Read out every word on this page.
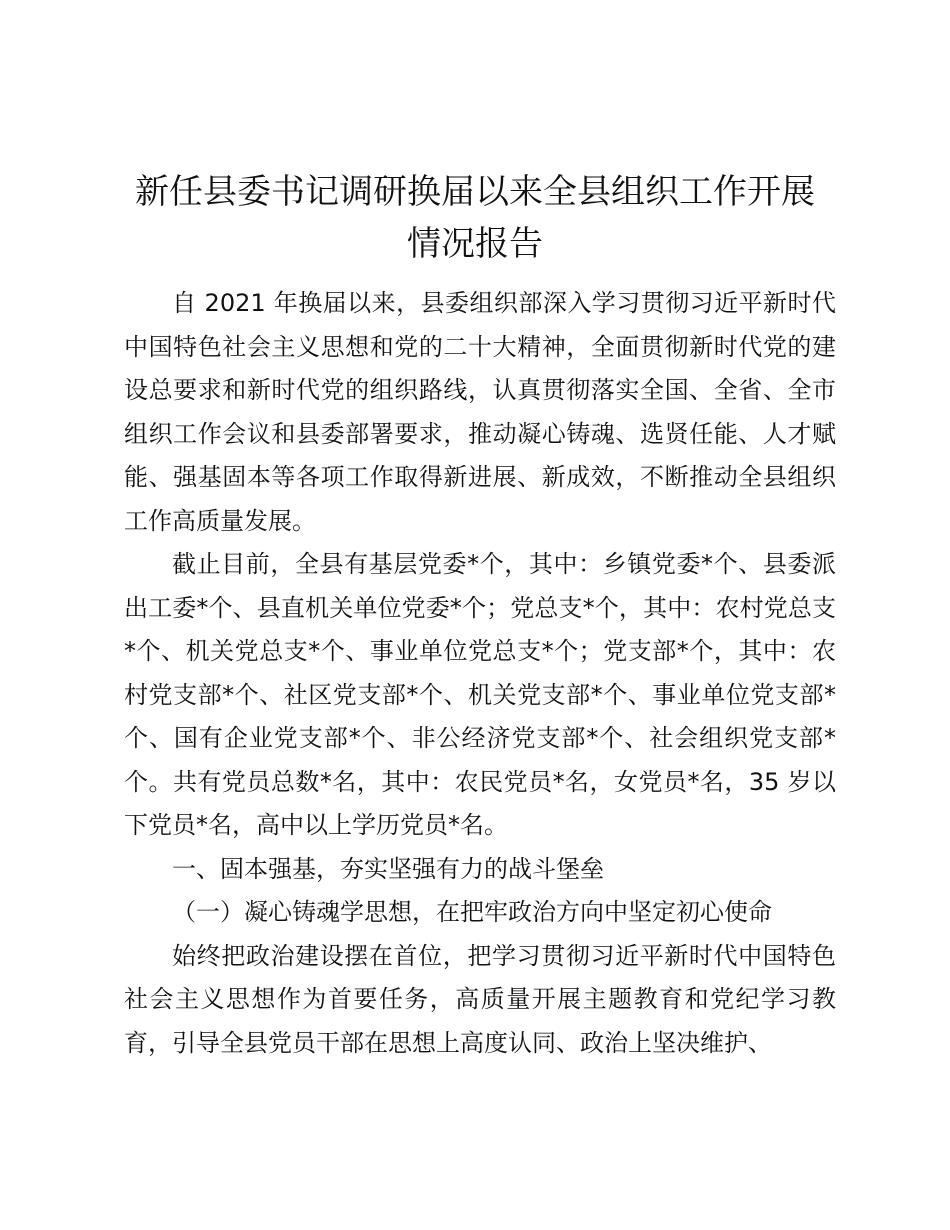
新任县委书记调研换届以来全县组织工作开展
情况报告

自 2021 年换届以来，县委组织部深入学习贯彻习近平新时代中国特色社会主义思想和党的二十大精神，全面贯彻新时代党的建设总要求和新时代党的组织路线，认真贯彻落实全国、全省、全市组织工作会议和县委部署要求，推动凝心铸魂、选贤任能、人才赋能、强基固本等各项工作取得新进展、新成效，不断推动全县组织工作高质量发展。

截止目前，全县有基层党委*个，其中：乡镇党委*个、县委派出工委*个、县直机关单位党委*个；党总支*个，其中：农村党总支*个、机关党总支*个、事业单位党总支*个；党支部*个，其中：农村党支部*个、社区党支部*个、机关党支部*个、事业单位党支部*个、国有企业党支部*个、非公经济党支部*个、社会组织党支部*个。共有党员总数*名，其中：农民党员*名，女党员*名，35 岁以下党员*名，高中以上学历党员*名。

一、固本强基，夯实坚强有力的战斗堡垒

（一）凝心铸魂学思想，在把牢政治方向中坚定初心使命

始终把政治建设摆在首位，把学习贯彻习近平新时代中国特色社会主义思想作为首要任务，高质量开展主题教育和党纪学习教育，引导全县党员干部在思想上高度认同、政治上坚决维护、
